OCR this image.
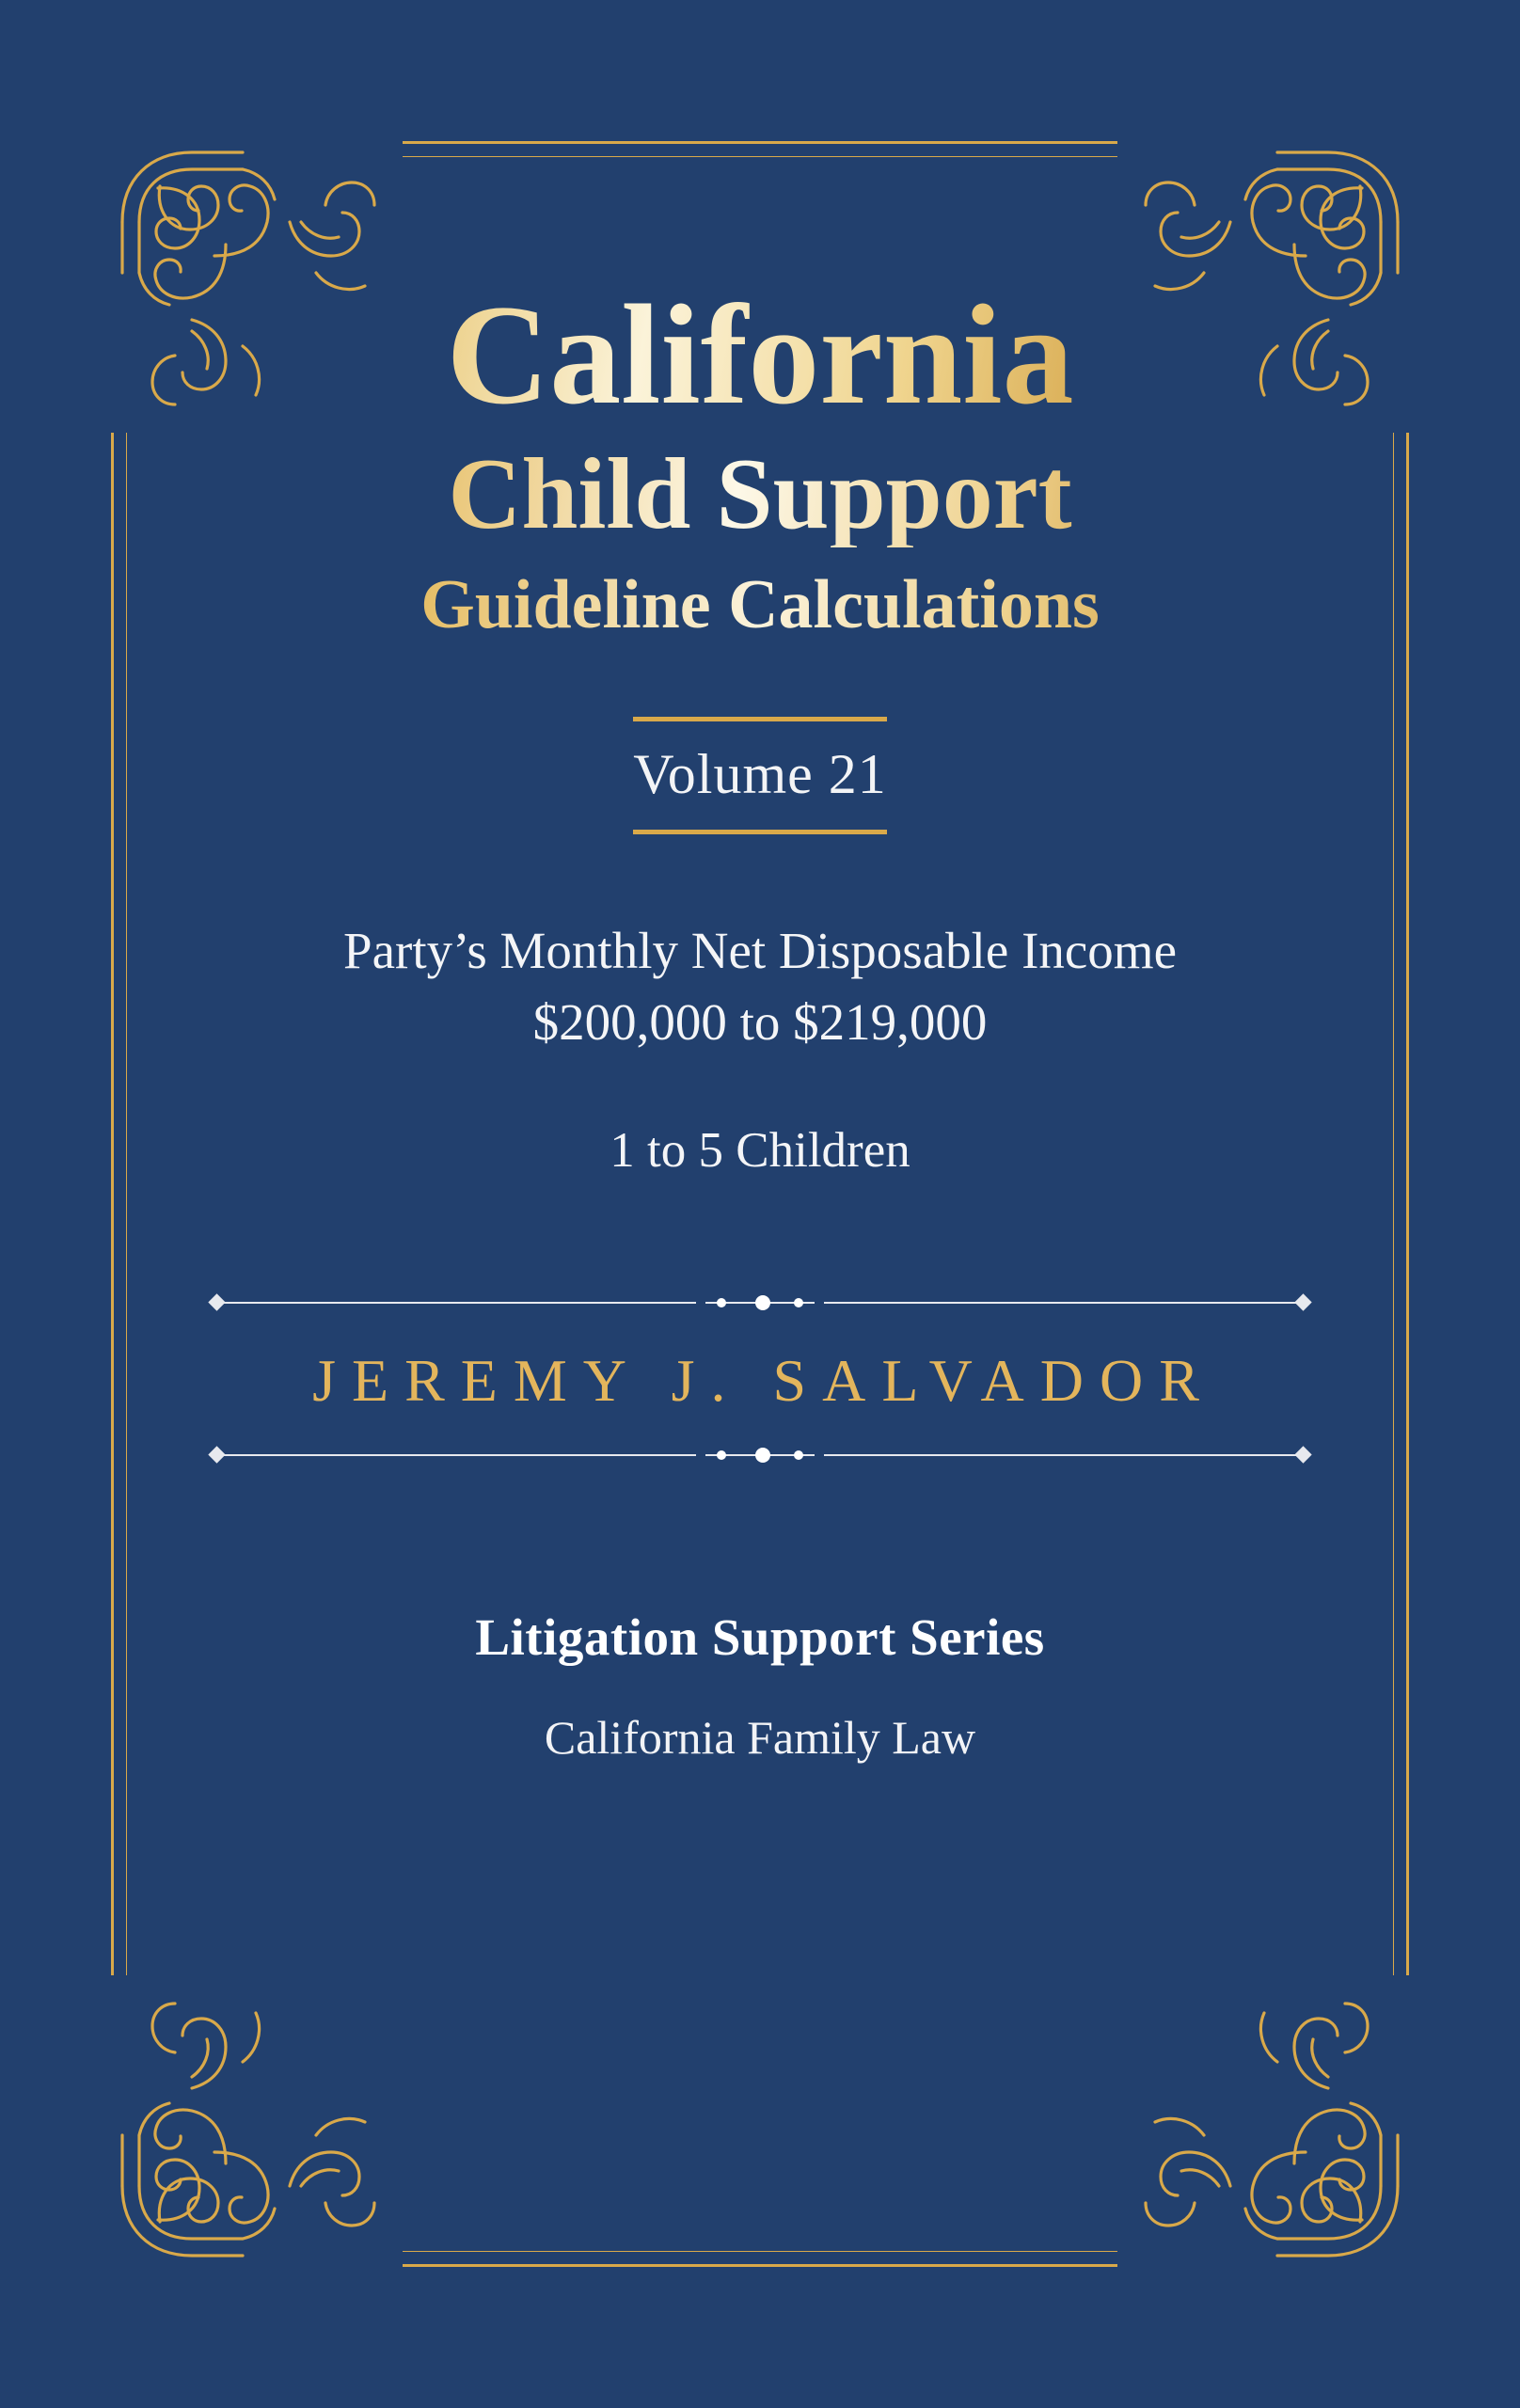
California
Child Support
Guideline Calculations
Volume 21
Party’s Monthly Net Disposable Income
$200,000 to $219,000
1 to 5 Children
JEREMY J. SALVADOR
Litigation Support Series
California Family Law
